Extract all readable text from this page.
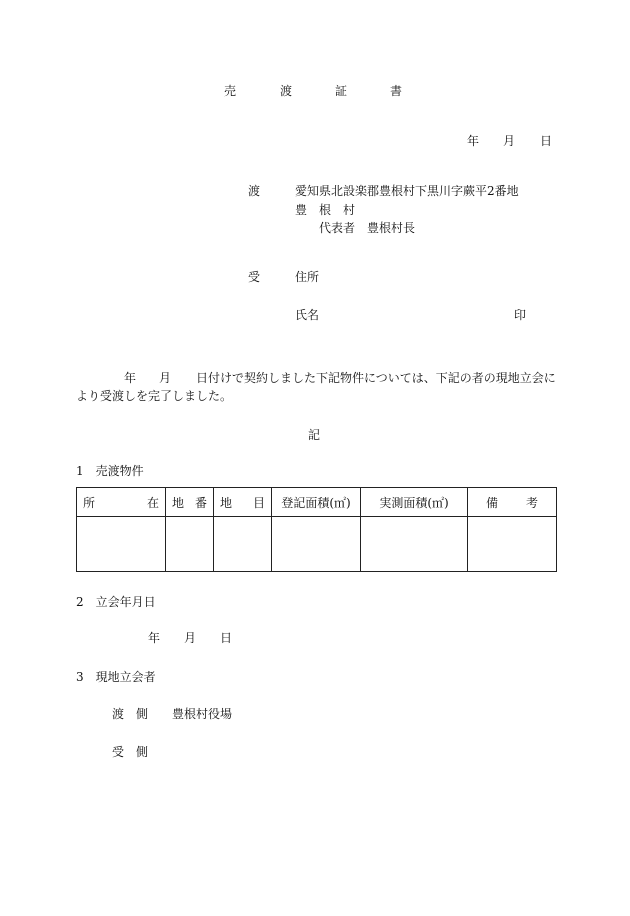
売	渡	証	書
年 月 日
渡	愛知県北設楽郡豊根村下黒川字蕨平2番地
豊　根　村
代表者 豊根村長
受	住所
氏名	印
年 月 日付けで契約しました下記物件については、下記の者の現地立会に
より受渡しを完了しました。
記
1　売渡物件
所 在	地 番	地 目	登記面積(㎡)	実測面積(㎡)	備 考

2　立会年月日
年 月 日
3　現地立会者
渡　側 豊根村役場
受　側
